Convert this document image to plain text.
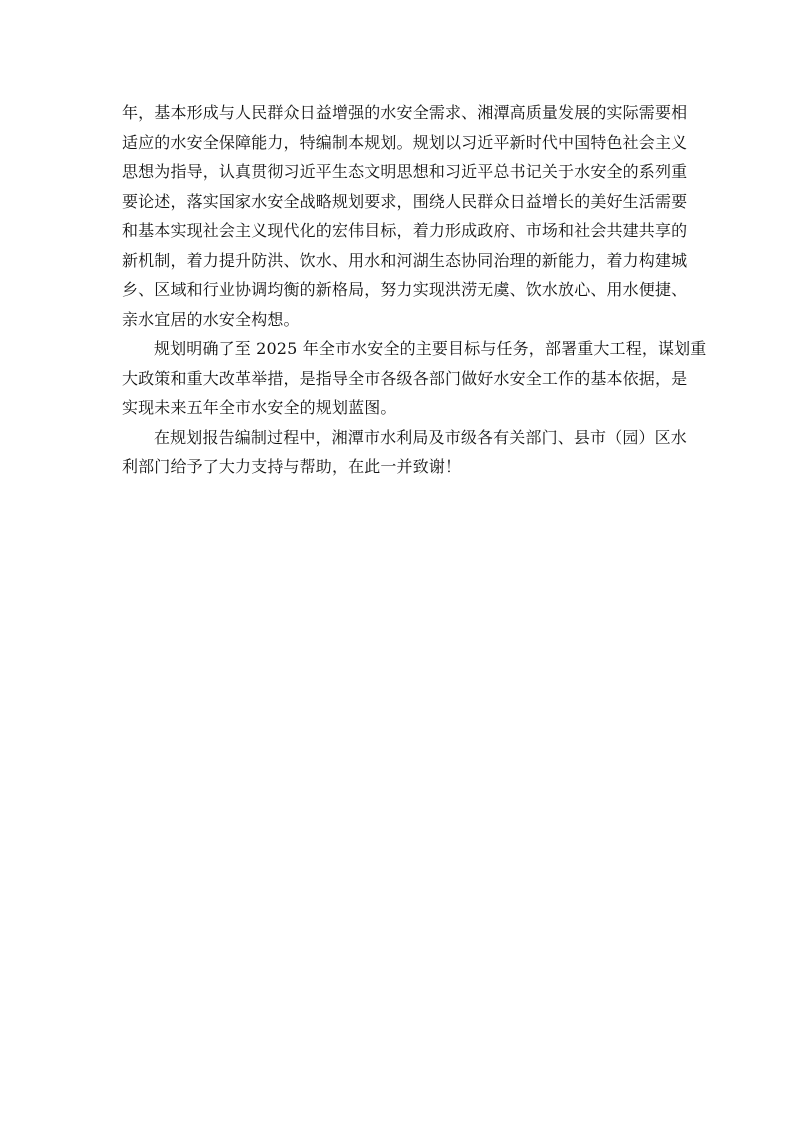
年，基本形成与人民群众日益增强的水安全需求、湘潭高质量发展的实际需要相
适应的水安全保障能力，特编制本规划。规划以习近平新时代中国特色社会主义
思想为指导，认真贯彻习近平生态文明思想和习近平总书记关于水安全的系列重
要论述，落实国家水安全战略规划要求，围绕人民群众日益增长的美好生活需要
和基本实现社会主义现代化的宏伟目标，着力形成政府、市场和社会共建共享的
新机制，着力提升防洪、饮水、用水和河湖生态协同治理的新能力，着力构建城
乡、区域和行业协调均衡的新格局，努力实现洪涝无虞、饮水放心、用水便捷、
亲水宜居的水安全构想。
规划明确了至 2025 年全市水安全的主要目标与任务，部署重大工程，谋划重
大政策和重大改革举措，是指导全市各级各部门做好水安全工作的基本依据，是
实现未来五年全市水安全的规划蓝图。
在规划报告编制过程中，湘潭市水利局及市级各有关部门、县市（园）区水
利部门给予了大力支持与帮助，在此一并致谢！
